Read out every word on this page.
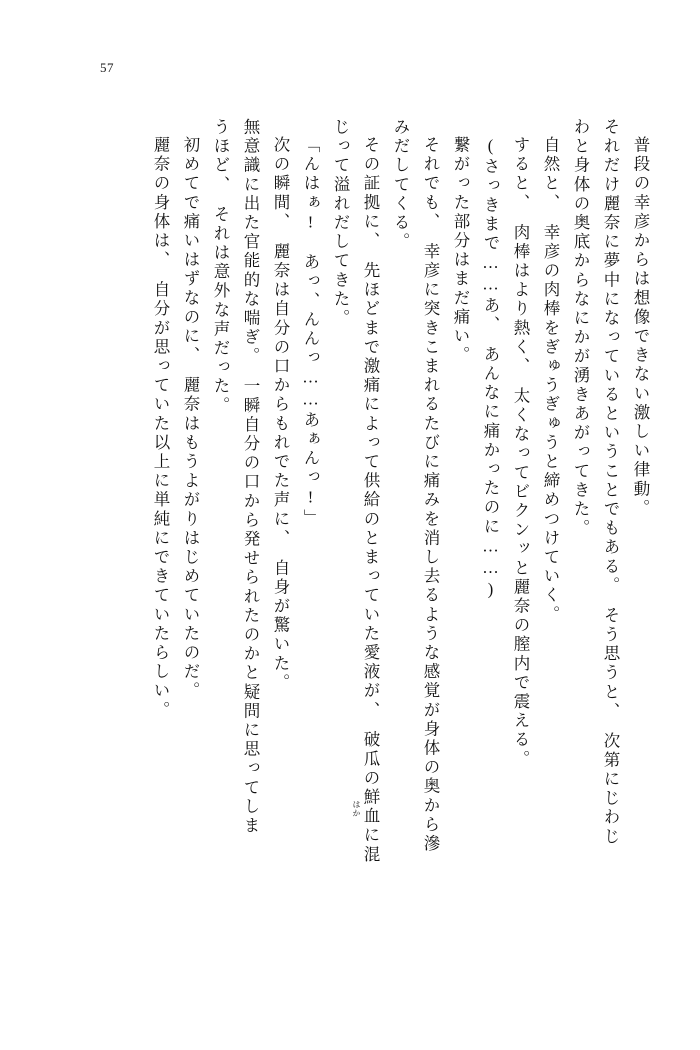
57
普段の幸彦からは想像できない激しい律動。
それだけ麗奈に夢中になっているということでもある。　そう思うと、　次第にじわじ
わと身体の奥底からなにかが湧きあがってきた。
自然と、　幸彦の肉棒をぎゅうぎゅうと締めつけていく。
すると、　肉棒はより熱く、　太くなってビクンッと麗奈の膣内で震える。
(さっきまで……あ、　あんなに痛かったのに……)
繋がった部分はまだ痛い。
それでも、　幸彦に突きこまれるたびに痛みを消し去るような感覚が身体の奥から滲
みだしてくる。
その証拠に、　先ほどまで激痛によって供給のとまっていた愛液が、　破瓜の鮮血に混
じって溢れだしてきた。
「んはぁ!　あっ、んんっ……あぁんっ!」
次の瞬間、　麗奈は自分の口からもれでた声に、　自身が驚いた。
無意識に出た官能的な喘ぎ。　一瞬自分の口から発せられたのかと疑問に思ってしま
うほど、　それは意外な声だった。
初めてで痛いはずなのに、　麗奈はもうよがりはじめていたのだ。
麗奈の身体は、　自分が思っていた以上に単純にできていたらしい。
はか
